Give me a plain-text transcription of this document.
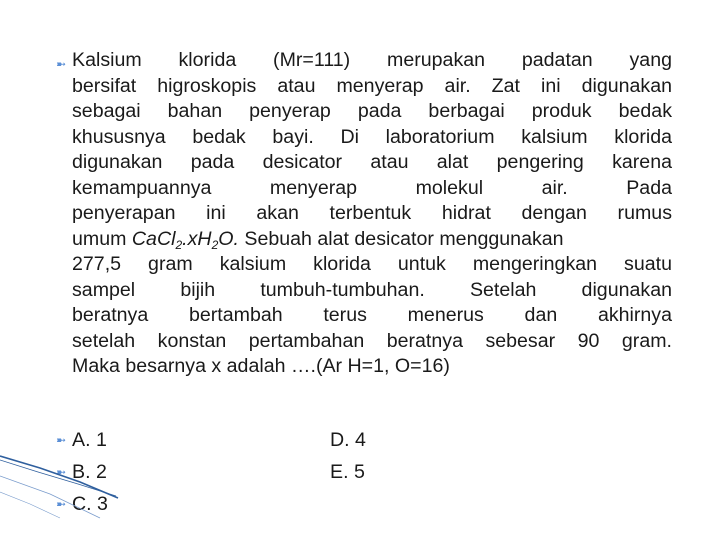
➼
➼
➼
➼
Kalsium klorida (Mr=111) merupakan padatan yang
bersifat higroskopis atau menyerap air. Zat ini digunakan
sebagai bahan penyerap pada berbagai produk bedak
khususnya bedak bayi. Di laboratorium kalsium klorida
digunakan pada desicator atau alat pengering karena
kemampuannya menyerap molekul air. Pada
penyerapan ini akan terbentuk hidrat dengan rumus
umum $CaCl_2.xH_2O$. Sebuah alat desicator menggunakan
277,5 gram kalsium klorida untuk mengeringkan suatu
sampel bijih tumbuh-tumbuhan. Setelah digunakan
beratnya bertambah terus menerus dan akhirnya
setelah konstan pertambahan beratnya sebesar 90 gram.
Maka besarnya x adalah ….(Ar H=1, O=16)
A. 1
B. 2
C. 3
D. 4
E. 5
